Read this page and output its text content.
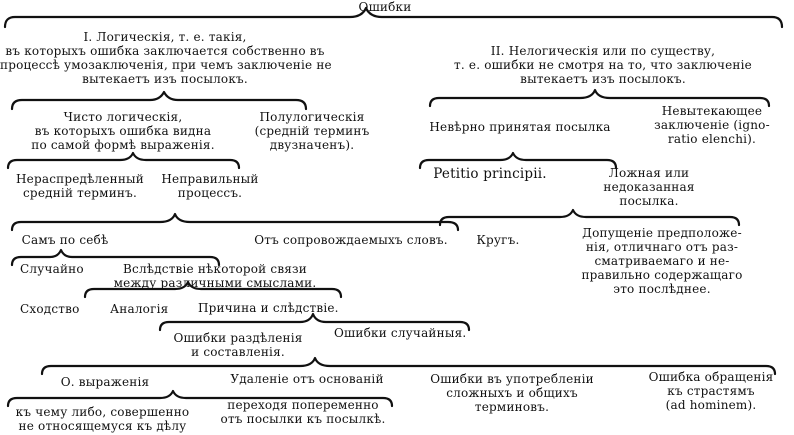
Ошибки
I. Логическія, т. е. такія,
въ которыхъ ошибка заключается собственно въ
процессѣ умозаключенія, при чемъ заключеніе не
вытекаетъ изъ посылокъ.
II. Нелогическія или по существу,
т. е. ошибки не смотря на то, что заключеніе
вытекаетъ изъ посылокъ.
Чисто логическія,
въ которыхъ ошибка видна
по самой формѣ выраженія.
Полулогическія
(средній терминъ
двузначенъ).
Невѣрно принятая посылка
Невытекающее
заключеніе (igno-
ratio elenchi).
Нераспредѣленный
средній терминъ.
Неправильный
процессъ.
Petitio principii.	Ложная или
недоказанная
посылка.
Самъ по себѣ	Отъ сопровождаемыхъ словъ.	Кругъ.	Допущеніе предположе-
нія, отличнаго отъ раз-
сматриваемаго и не-
правильно содержащаго
это послѣднее.
Случайно	Вслѣдствіе нѣкоторой связи
между различными смыслами.
Сходство	Аналогія Причина и слѣдствіе.
Ошибки раздѣленія
и составленія.
Ошибки случайныя.
О. выраженія	Удаленіе отъ основаній	Ошибки въ употребленіи
сложныхъ и общихъ
терминовъ.
Ошибка обращенія
къ страстямъ
(ad hominem).
къ чему либо, совершенно
не относящемуся къ дѣлу
переходя попеременно
отъ посылки къ посылкѣ.
